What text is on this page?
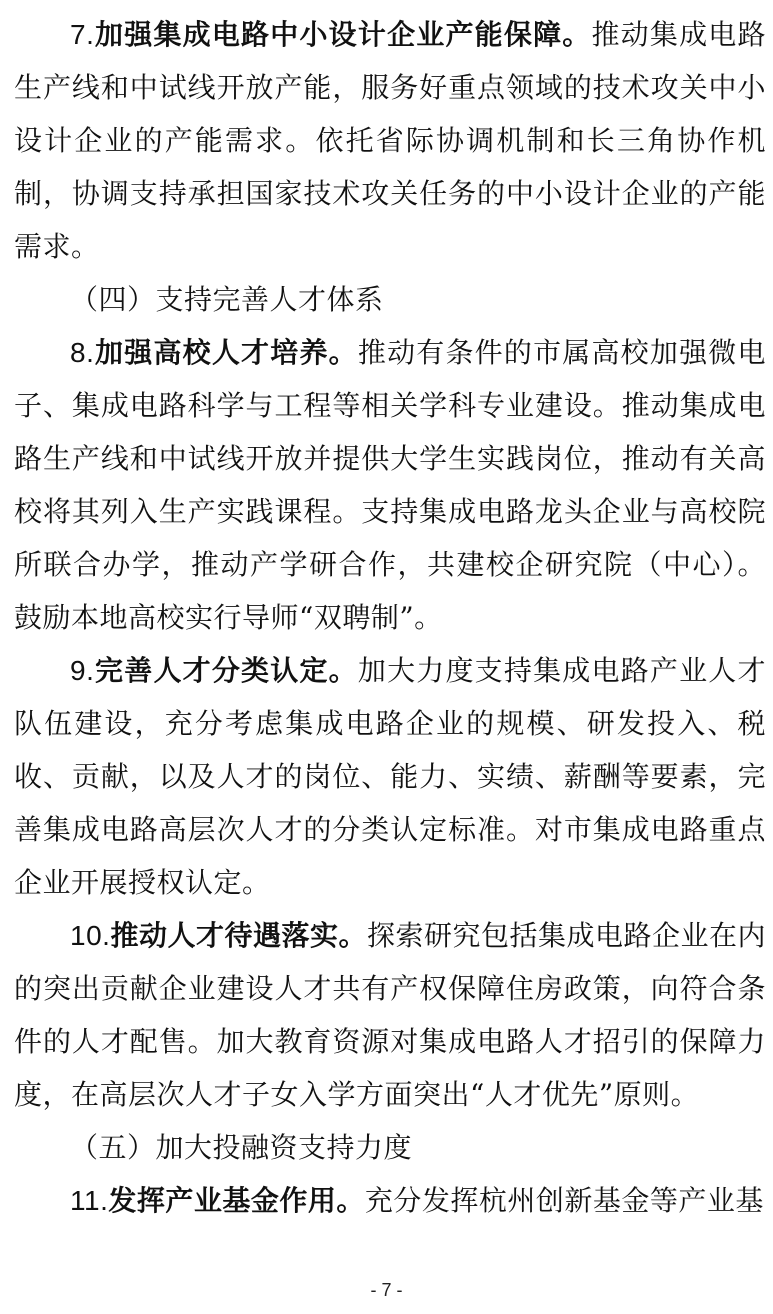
7.加强集成电路中小设计企业产能保障。推动集成电路生产线和中试线开放产能，服务好重点领域的技术攻关中小设计企业的产能需求。依托省际协调机制和长三角协作机制，协调支持承担国家技术攻关任务的中小设计企业的产能需求。

（四）支持完善人才体系

8.加强高校人才培养。推动有条件的市属高校加强微电子、集成电路科学与工程等相关学科专业建设。推动集成电路生产线和中试线开放并提供大学生实践岗位，推动有关高校将其列入生产实践课程。支持集成电路龙头企业与高校院所联合办学，推动产学研合作，共建校企研究院（中心）。鼓励本地高校实行导师“双聘制”。

9.完善人才分类认定。加大力度支持集成电路产业人才队伍建设，充分考虑集成电路企业的规模、研发投入、税收、贡献，以及人才的岗位、能力、实绩、薪酬等要素，完善集成电路高层次人才的分类认定标准。对市集成电路重点企业开展授权认定。

10.推动人才待遇落实。探索研究包括集成电路企业在内的突出贡献企业建设人才共有产权保障住房政策，向符合条件的人才配售。加大教育资源对集成电路人才招引的保障力度，在高层次人才子女入学方面突出“人才优先”原则。

（五）加大投融资支持力度

11.发挥产业基金作用。充分发挥杭州创新基金等产业基

- 7 -
